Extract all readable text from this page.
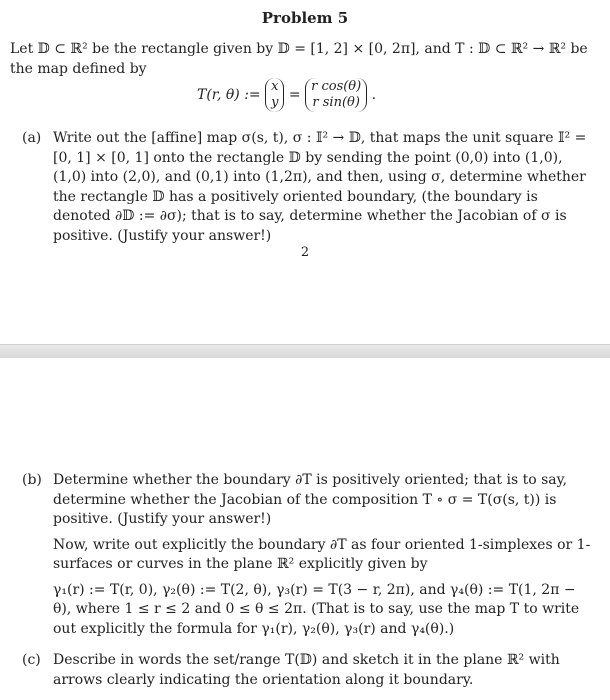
Problem 5

Let 𝔻 ⊂ ℝ² be the rectangle given by 𝔻 = [1, 2] × [0, 2π], and T : 𝔻 ⊂ ℝ² → ℝ² be the map defined by

T(r, θ) := x
y = r cos(θ)
r sin(θ) .
(a) Write out the [affine] map σ(s, t), σ : 𝕀² → 𝔻, that maps the unit square 𝕀² = [0, 1] × [0, 1] onto the rectangle 𝔻 by sending the point (0,0) into (1,0), (1,0) into (2,0), and (0,1) into (1,2π), and then, using σ, determine whether the rectangle 𝔻 has a positively oriented boundary, (the boundary is denoted ∂𝔻 := ∂σ); that is to say, determine whether the Jacobian of σ is positive. (Justify your answer!)

2
(b) Determine whether the boundary ∂T is positively oriented; that is to say, determine whether the Jacobian of the composition T ∘ σ = T(σ(s, t)) is positive. (Justify your answer!)

Now, write out explicitly the boundary ∂T as four oriented 1-simplexes or 1-surfaces or curves in the plane ℝ² explicitly given by

γ₁(r) := T(r, 0), γ₂(θ) := T(2, θ), γ₃(r) = T(3 − r, 2π), and γ₄(θ) := T(1, 2π − θ), where 1 ≤ r ≤ 2 and 0 ≤ θ ≤ 2π. (That is to say, use the map T to write out explicitly the formula for γ₁(r), γ₂(θ), γ₃(r) and γ₄(θ).)

(c) Describe in words the set/range T(𝔻) and sketch it in the plane ℝ² with arrows clearly indicating the orientation along it boundary.
